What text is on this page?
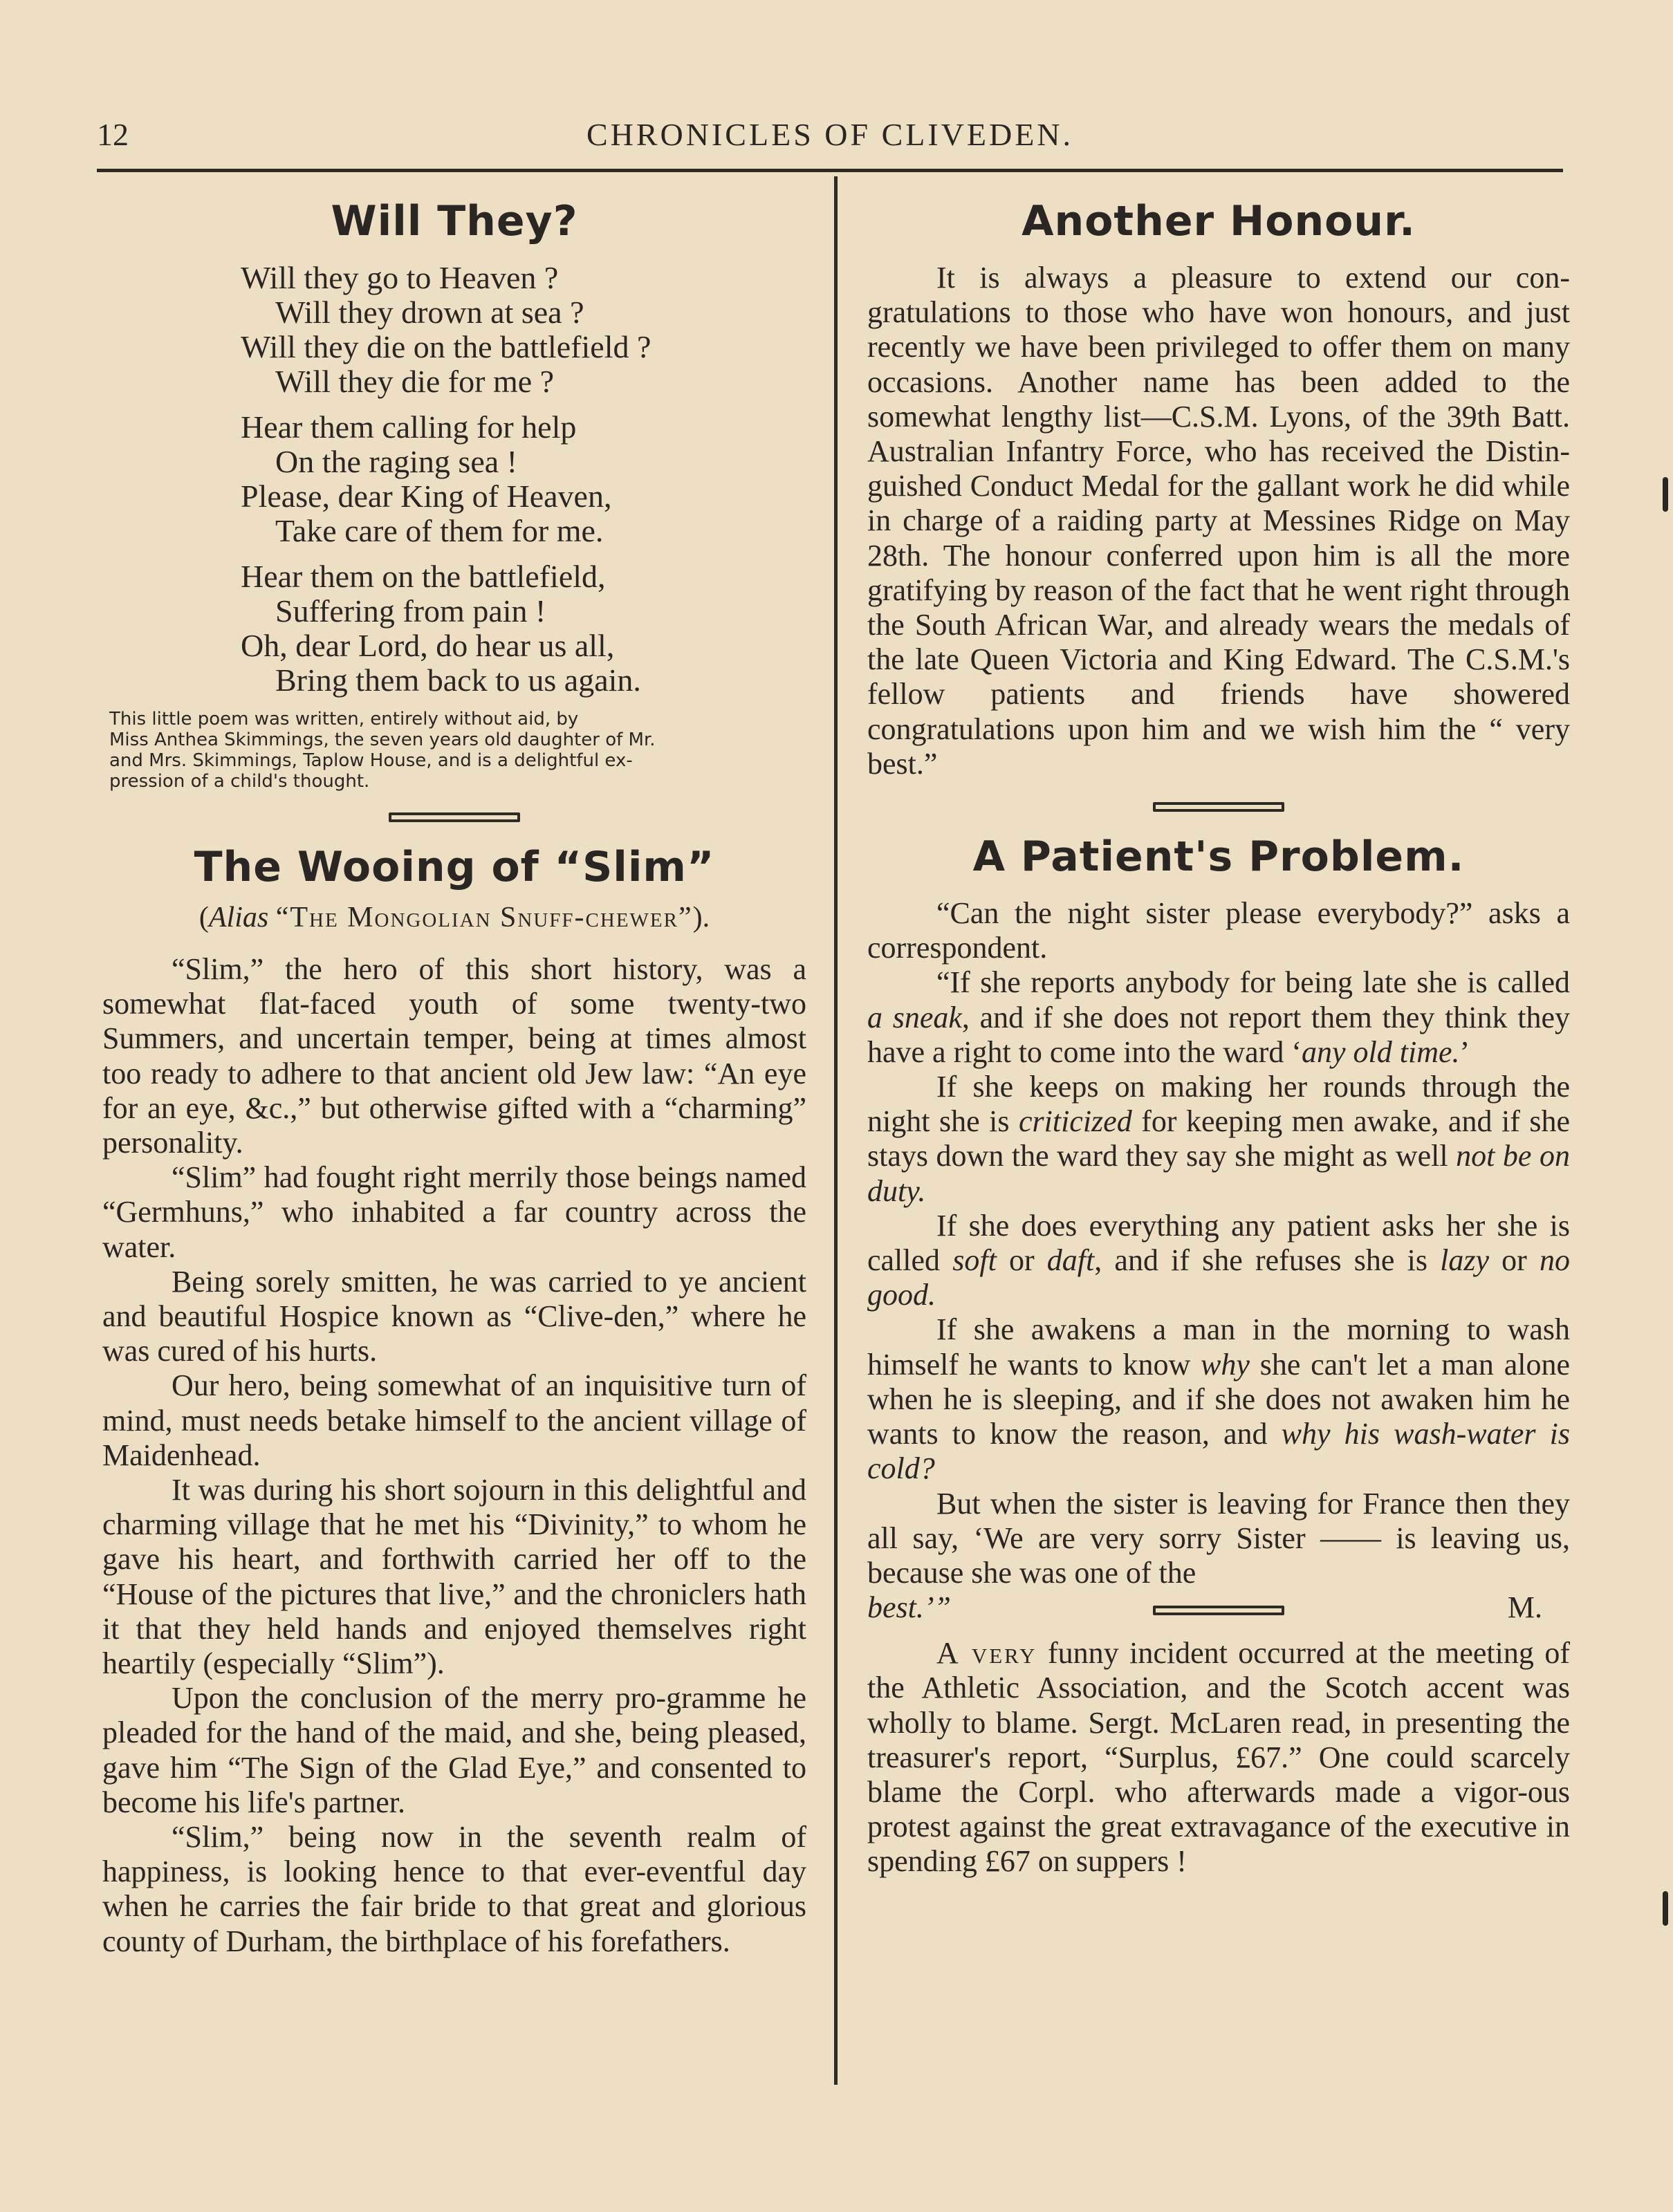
12	CHRONICLES OF CLIVEDEN.
Will They?
Will they go to Heaven ?
Will they drown at sea ?
Will they die on the battlefield ?
Will they die for me ?
Hear them calling for help
On the raging sea !
Please, dear King of Heaven,
Take care of them for me.
Hear them on the battlefield,
Suffering from pain !
Oh, dear Lord, do hear us all,
Bring them back to us again.
This little poem was written, entirely without aid, by
Miss Anthea Skimmings, the seven years old daughter of Mr.
and Mrs. Skimmings, Taplow House, and is a delightful ex-
pression of a child's thought.
The Wooing of “Slim”
(Alias “The Mongolian Snuff-chewer”).

“Slim,” the hero of this short history, was a somewhat flat-faced youth of some twenty-two Summers, and uncertain temper, being at times almost too ready to adhere to that ancient old Jew law: “An eye for an eye, &c.,” but otherwise gifted with a “charming” personality.

“Slim” had fought right merrily those beings named “Germhuns,” who inhabited a far country across the water.

Being sorely smitten, he was carried to ye ancient and beautiful Hospice known as “Clive-den,” where he was cured of his hurts.

Our hero, being somewhat of an inquisitive turn of mind, must needs betake himself to the ancient village of Maidenhead.

It was during his short sojourn in this delightful and charming village that he met his “Divinity,” to whom he gave his heart, and forthwith carried her off to the “House of the pictures that live,” and the chroniclers hath it that they held hands and enjoyed themselves right heartily (especially “Slim”).

Upon the conclusion of the merry pro-gramme he pleaded for the hand of the maid, and she, being pleased, gave him “The Sign of the Glad Eye,” and consented to become his life's partner.

“Slim,” being now in the seventh realm of happiness, is looking hence to that ever-eventful day when he carries the fair bride to that great and glorious county of Durham, the birthplace of his forefathers.

Another Honour.

It is always a pleasure to extend our con-gratulations to those who have won honours, and just recently we have been privileged to offer them on many occasions. Another name has been added to the somewhat lengthy list—C.S.M. Lyons, of the 39th Batt. Australian Infantry Force, who has received the Distin-guished Conduct Medal for the gallant work he did while in charge of a raiding party at Messines Ridge on May 28th. The honour conferred upon him is all the more gratifying by reason of the fact that he went right through the South African War, and already wears the medals of the late Queen Victoria and King Edward. The C.S.M.'s fellow patients and friends have showered congratulations upon him and we wish him the “ very best.”

A Patient's Problem.

“Can the night sister please everybody?” asks a correspondent.

“If she reports anybody for being late she is called a sneak, and if she does not report them they think they have a right to come into the ward ‘any old time.’

If she keeps on making her rounds through the night she is criticized for keeping men awake, and if she stays down the ward they say she might as well not be on duty.

If she does everything any patient asks her she is called soft or daft, and if she refuses she is lazy or no good.

If she awakens a man in the morning to wash himself he wants to know why she can't let a man alone when he is sleeping, and if she does not awaken him he wants to know the reason, and why his wash-water is cold?

But when the sister is leaving for France then they all say, ‘We are very sorry Sister —— is leaving us, because she was one of the

best.’”	M.

A very funny incident occurred at the meeting of the Athletic Association, and the Scotch accent was wholly to blame. Sergt. McLaren read, in presenting the treasurer's report, “Surplus, £67.” One could scarcely blame the Corpl. who afterwards made a vigor-ous protest against the great extravagance of the executive in spending £67 on suppers !
